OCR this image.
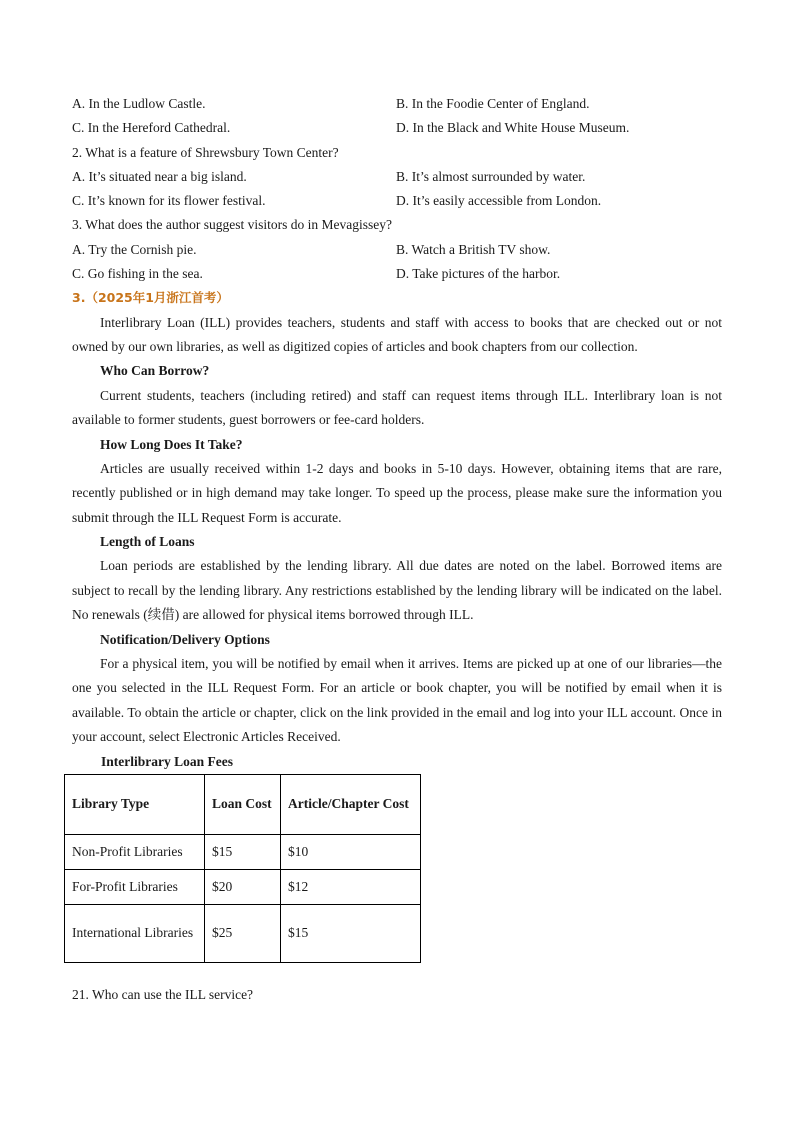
A. In the Ludlow Castle.	B. In the Foodie Center of England.
C. In the Hereford Cathedral.	D. In the Black and White House Museum.
2. What is a feature of Shrewsbury Town Center?
A. It’s situated near a big island.	B. It’s almost surrounded by water.
C. It’s known for its flower festival.	D. It’s easily accessible from London.
3. What does the author suggest visitors do in Mevagissey?
A. Try the Cornish pie.	B. Watch a British TV show.
C. Go fishing in the sea.	D. Take pictures of the harbor.
3.（2025年1月浙江首考）

Interlibrary Loan (ILL) provides teachers, students and staff with access to books that are checked out or not owned by our own libraries, as well as digitized copies of articles and book chapters from our collection.

Who Can Borrow?

Current students, teachers (including retired) and staff can request items through ILL. Interlibrary loan is not available to former students, guest borrowers or fee-card holders.

How Long Does It Take?

Articles are usually received within 1-2 days and books in 5-10 days. However, obtaining items that are rare, recently published or in high demand may take longer. To speed up the process, please make sure the information you submit through the ILL Request Form is accurate.

Length of Loans

Loan periods are established by the lending library. All due dates are noted on the label. Borrowed items are subject to recall by the lending library. Any restrictions established by the lending library will be indicated on the label. No renewals (续借) are allowed for physical items borrowed through ILL.

Notification/Delivery Options

For a physical item, you will be notified by email when it arrives. Items are picked up at one of our libraries—the one you selected in the ILL Request Form. For an article or book chapter, you will be notified by email when it is available. To obtain the article or chapter, click on the link provided in the email and log into your ILL account. Once in your account, select Electronic Articles Received.

Interlibrary Loan Fees
Library Type	Loan Cost	Article/Chapter Cost
Non-Profit Libraries	$15	$10
For-Profit Libraries	$20	$12
International Libraries	$25	$15
21. Who can use the ILL service?
